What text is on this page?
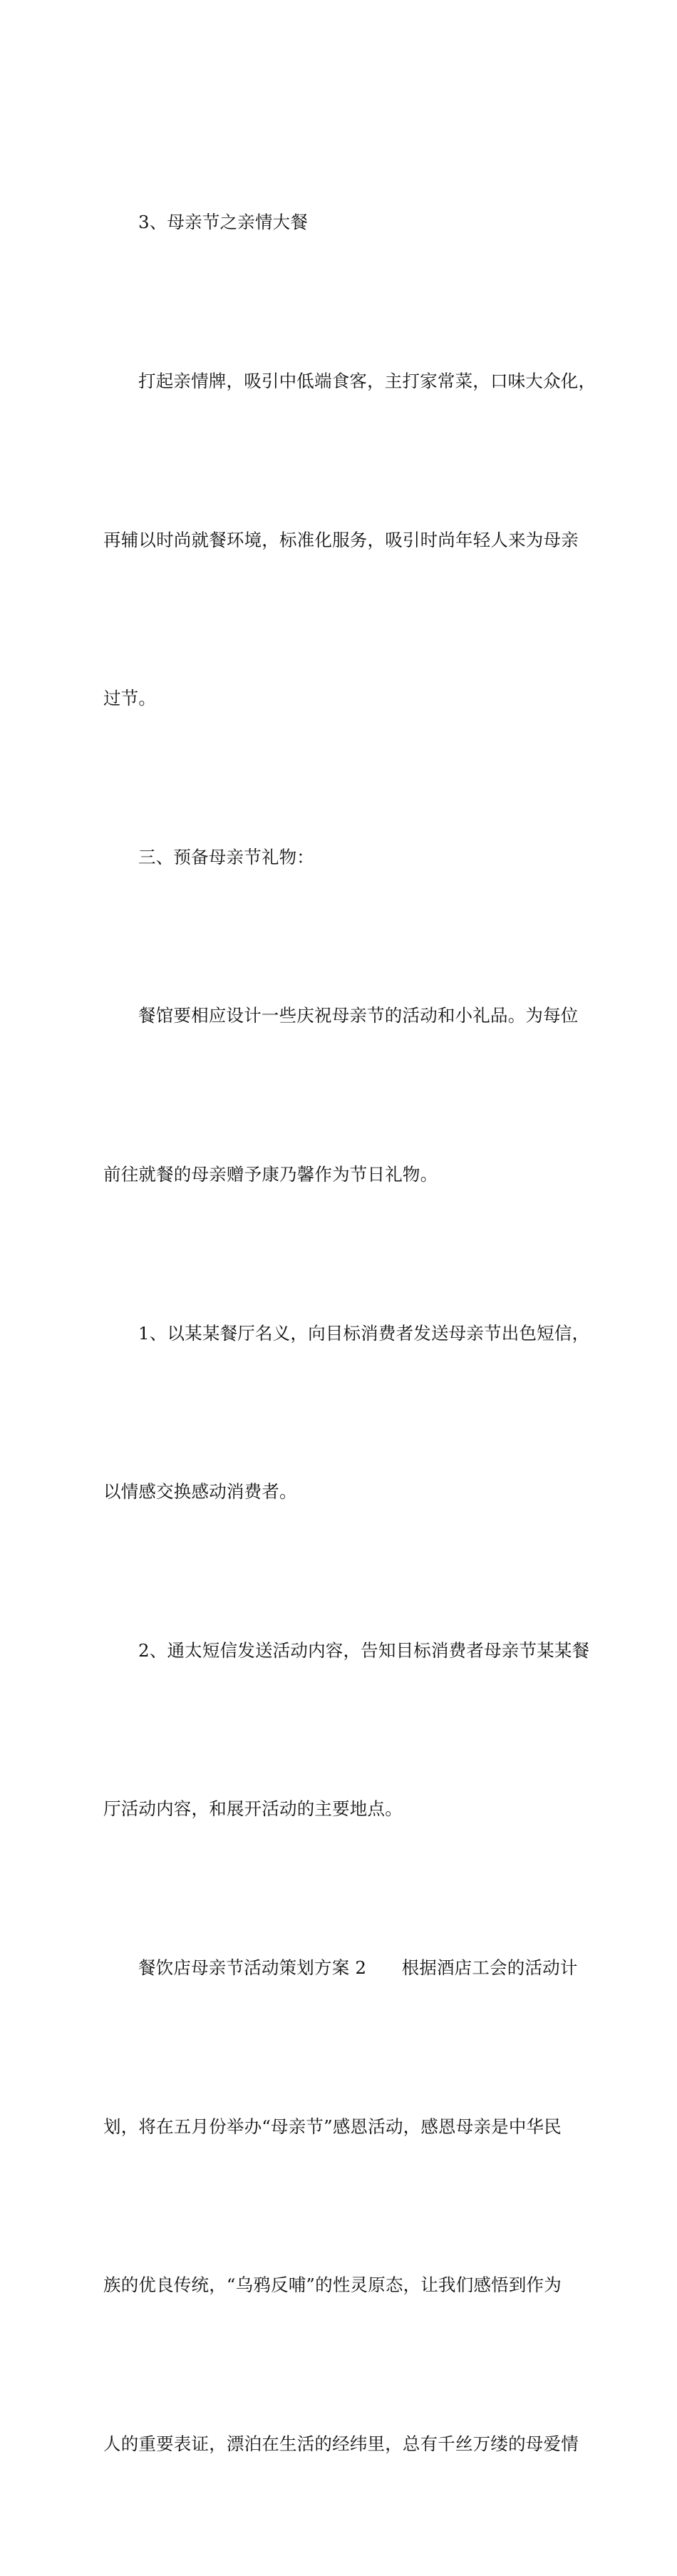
3、母亲节之亲情大餐

打起亲情牌，吸引中低端食客，主打家常菜，口味大众化，

再辅以时尚就餐环境，标准化服务，吸引时尚年轻人来为母亲

过节。

三、预备母亲节礼物：

餐馆要相应设计一些庆祝母亲节的活动和小礼品。为每位

前往就餐的母亲赠予康乃馨作为节日礼物。

1、以某某餐厅名义，向目标消费者发送母亲节出色短信，

以情感交换感动消费者。

2、通太短信发送活动内容，告知目标消费者母亲节某某餐

厅活动内容，和展开活动的主要地点。

餐饮店母亲节活动策划方案 2　　根据酒店工会的活动计

划，将在五月份举办“母亲节”感恩活动，感恩母亲是中华民

族的优良传统，“乌鸦反哺”的性灵原态，让我们感悟到作为

人的重要表证，漂泊在生活的经纬里，总有千丝万缕的母爱情
